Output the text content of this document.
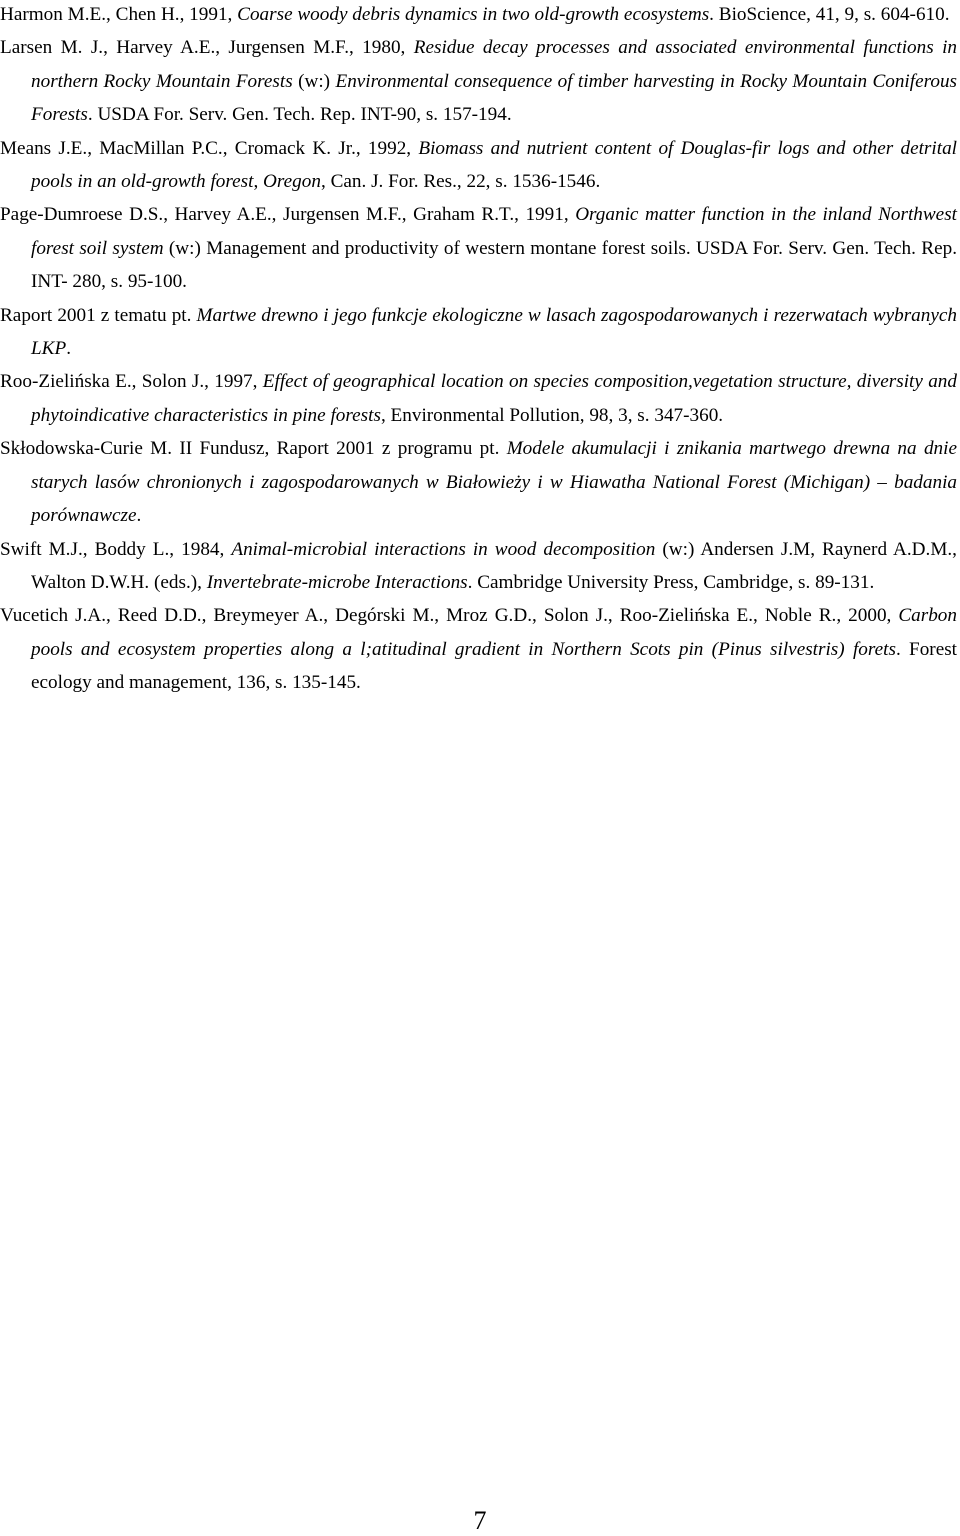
Harmon M.E., Chen H., 1991, Coarse woody debris dynamics in two old-growth ecosystems. BioScience, 41, 9, s. 604-610.

Larsen M. J., Harvey A.E., Jurgensen M.F., 1980, Residue decay processes and associated environmental functions in northern Rocky Mountain Forests (w:) Environmental consequence of timber harvesting in Rocky Mountain Coniferous Forests. USDA For. Serv. Gen. Tech. Rep. INT-90, s. 157-194.

Means J.E., MacMillan P.C., Cromack K. Jr., 1992, Biomass and nutrient content of Douglas-fir logs and other detrital pools in an old-growth forest, Oregon, Can. J. For. Res., 22, s. 1536-1546.

Page-Dumroese D.S., Harvey A.E., Jurgensen M.F., Graham R.T., 1991, Organic matter function in the inland Northwest forest soil system (w:) Management and productivity of western montane forest soils. USDA For. Serv. Gen. Tech. Rep. INT- 280, s. 95-100.

Raport 2001 z tematu pt. Martwe drewno i jego funkcje ekologiczne w lasach zagospodarowanych i rezerwatach wybranych LKP.

Roo-Zielińska E., Solon J., 1997, Effect of geographical location on species composition,vegetation structure, diversity and phytoindicative characteristics in pine forests, Environmental Pollution, 98, 3, s. 347-360.

Skłodowska-Curie M. II Fundusz, Raport 2001 z programu pt. Modele akumulacji i znikania martwego drewna na dnie starych lasów chronionych i zagospodarowanych w Białowieży i w Hiawatha National Forest (Michigan) – badania porównawcze.

Swift M.J., Boddy L., 1984, Animal-microbial interactions in wood decomposition (w:) Andersen J.M, Raynerd A.D.M., Walton D.W.H. (eds.), Invertebrate-microbe Interactions. Cambridge University Press, Cambridge, s. 89-131.

Vucetich J.A., Reed D.D., Breymeyer A., Degórski M., Mroz G.D., Solon J., Roo-Zielińska E., Noble R., 2000, Carbon pools and ecosystem properties along a l;atitudinal gradient in Northern Scots pin (Pinus silvestris) forets. Forest ecology and management, 136, s. 135-145.

7
